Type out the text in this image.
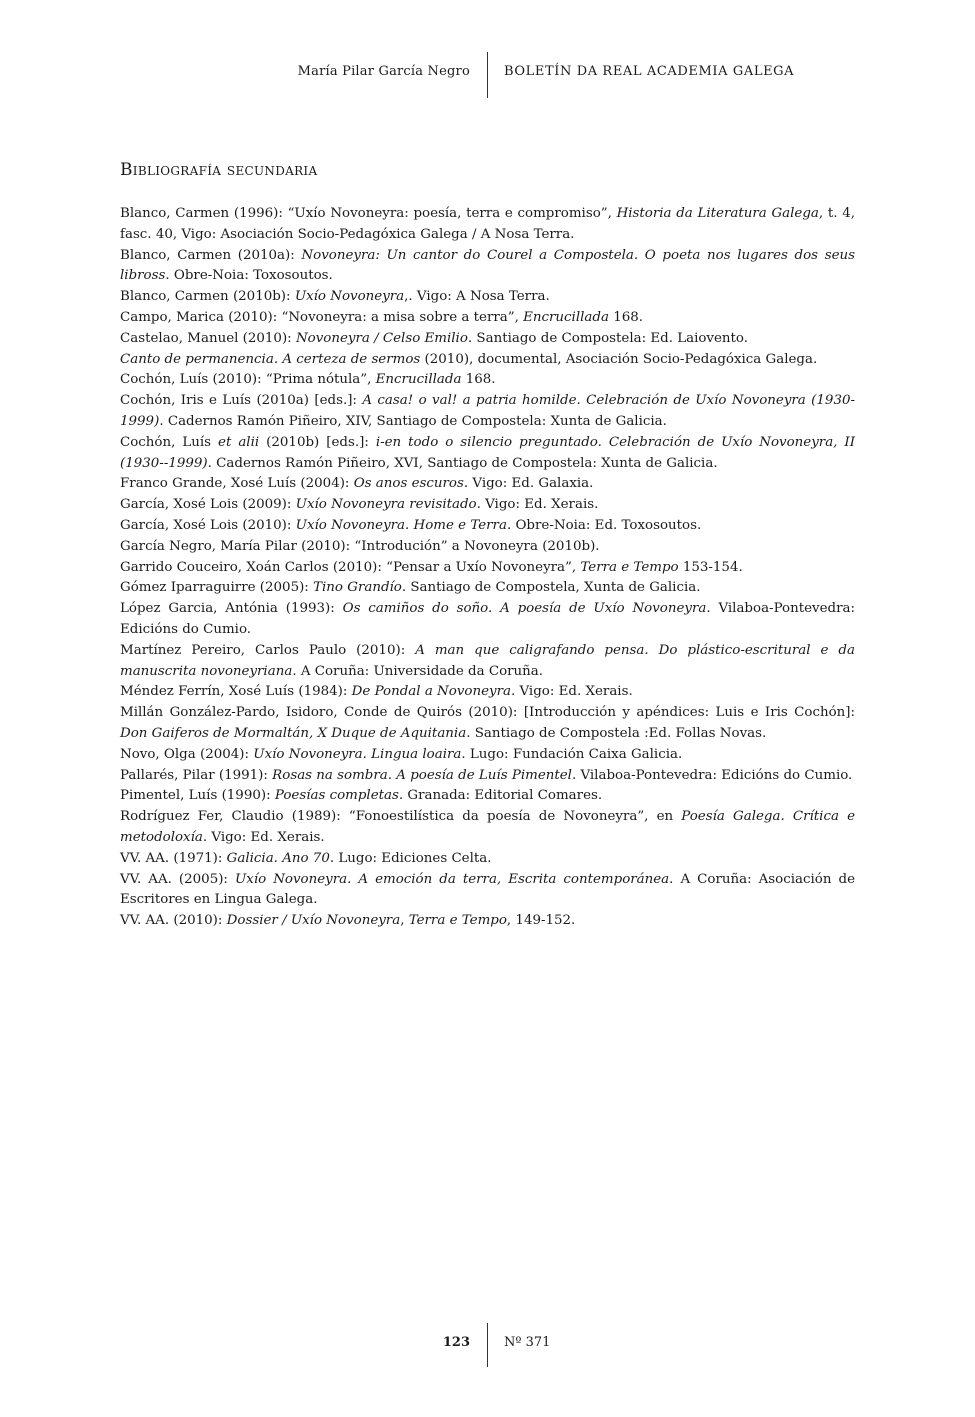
María Pilar García Negro	BOLETÍN DA REAL ACADEMIA GALEGA
Bibliografía secundaria

Blanco, Carmen (1996): “Uxío Novoneyra: poesía, terra e compromiso”, Historia da Literatura Galega, t. 4, fasc. 40, Vigo: Asociación Socio-Pedagóxica Galega / A Nosa Terra.

Blanco, Carmen (2010a): Novoneyra: Un cantor do Courel a Compostela. O poeta nos lugares dos seus libross. Obre-Noia: Toxosoutos.

Blanco, Carmen (2010b): Uxío Novoneyra,. Vigo: A Nosa Terra.

Campo, Marica (2010): “Novoneyra: a misa sobre a terra”, Encrucillada 168.

Castelao, Manuel (2010): Novoneyra / Celso Emilio. Santiago de Compostela: Ed. Laiovento.

Canto de permanencia. A certeza de sermos (2010), documental, Asociación Socio-Pedagóxica Galega.

Cochón, Luís (2010): “Prima nótula”, Encrucillada 168.

Cochón, Iris e Luís (2010a) [eds.]: A casa! o val! a patria homilde. Celebración de Uxío Novoneyra (1930-1999). Cadernos Ramón Piñeiro, XIV, Santiago de Compostela: Xunta de Galicia.

Cochón, Luís et alii (2010b) [eds.]: i-en todo o silencio preguntado. Celebración de Uxío Novoneyra, II (1930--1999). Cadernos Ramón Piñeiro, XVI, Santiago de Compostela: Xunta de Galicia.

Franco Grande, Xosé Luís (2004): Os anos escuros. Vigo: Ed. Galaxia.

García, Xosé Lois (2009): Uxío Novoneyra revisitado. Vigo: Ed. Xerais.

García, Xosé Lois (2010): Uxío Novoneyra. Home e Terra. Obre-Noia: Ed. Toxosoutos.

García Negro, María Pilar (2010): “Introdución” a Novoneyra (2010b).

Garrido Couceiro, Xoán Carlos (2010): “Pensar a Uxío Novoneyra”, Terra e Tempo 153-154.

Gómez Iparraguirre (2005): Tino Grandío. Santiago de Compostela, Xunta de Galicia.

López Garcia, Antónia (1993): Os camiños do soño. A poesía de Uxío Novoneyra. Vilaboa-Pontevedra: Edicións do Cumio.

Martínez Pereiro, Carlos Paulo (2010): A man que caligrafando pensa. Do plástico-escritural e da manuscrita novoneyriana. A Coruña: Universidade da Coruña.

Méndez Ferrín, Xosé Luís (1984): De Pondal a Novoneyra. Vigo: Ed. Xerais.

Millán González-Pardo, Isidoro, Conde de Quirós (2010): [Introducción y apéndices: Luis e Iris Cochón]: Don Gaiferos de Mormaltán, X Duque de Aquitania. Santiago de Compostela :Ed. Follas Novas.

Novo, Olga (2004): Uxío Novoneyra. Lingua loaira. Lugo: Fundación Caixa Galicia.

Pallarés, Pilar (1991): Rosas na sombra. A poesía de Luís Pimentel. Vilaboa-Pontevedra: Edicións do Cumio.

Pimentel, Luís (1990): Poesías completas. Granada: Editorial Comares.

Rodríguez Fer, Claudio (1989): “Fonoestilística da poesía de Novoneyra”, en Poesía Galega. Crítica e metodoloxía. Vigo: Ed. Xerais.

VV. AA. (1971): Galicia. Ano 70. Lugo: Ediciones Celta.

VV. AA. (2005): Uxío Novoneyra. A emoción da terra, Escrita contemporánea. A Coruña: Asociación de Escritores en Lingua Galega.

VV. AA. (2010): Dossier / Uxío Novoneyra, Terra e Tempo, 149-152.

123	Nº 371
